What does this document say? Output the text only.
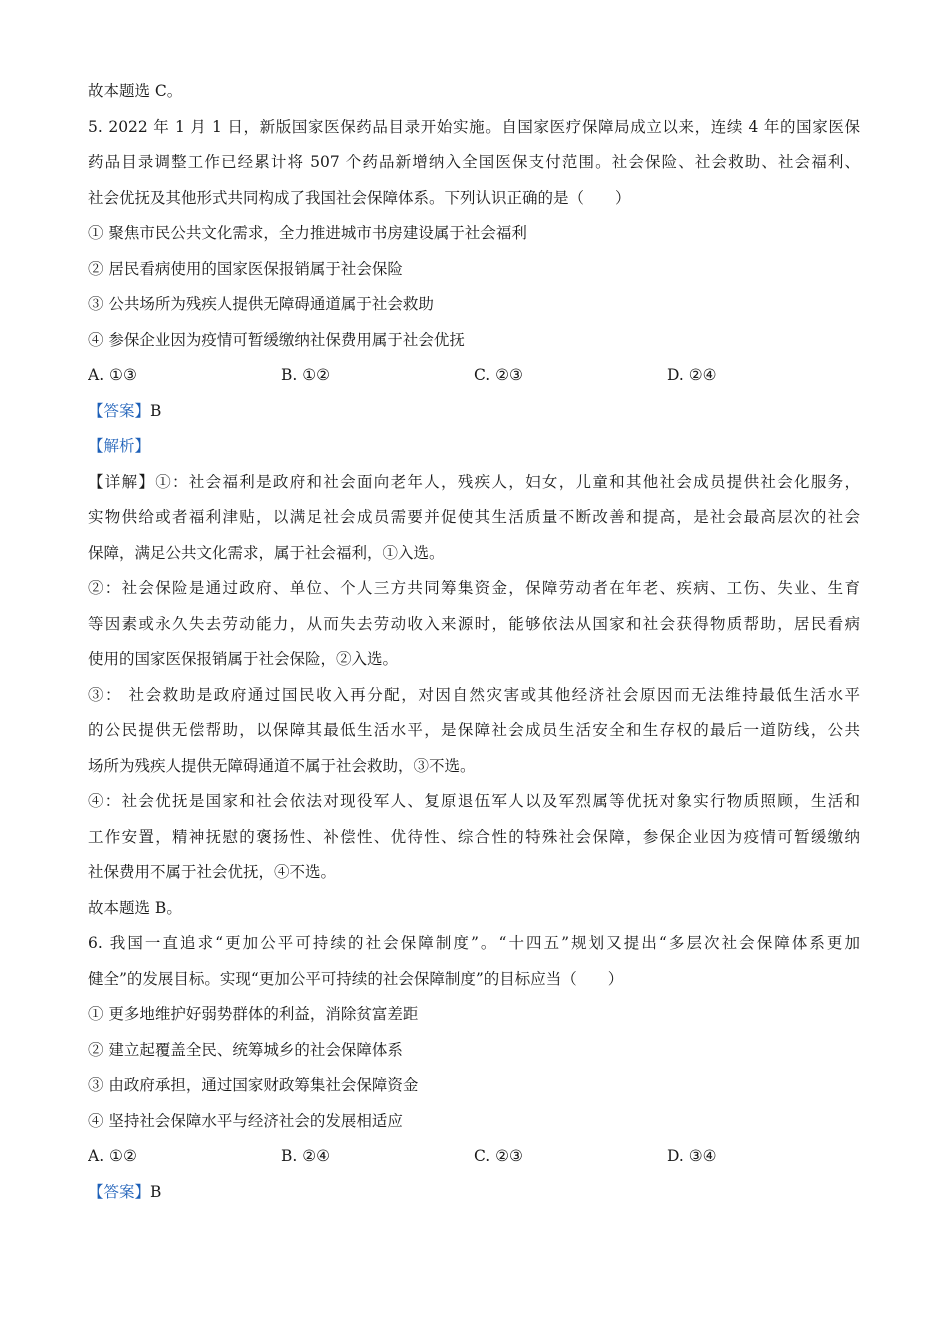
故本题选 C。
5. 2022 年 1 月 1 日，新版国家医保药品目录开始实施。自国家医疗保障局成立以来，连续 4 年的国家医保
药品目录调整工作已经累计将 507 个药品新增纳入全国医保支付范围。社会保险、社会救助、社会福利、
社会优抚及其他形式共同构成了我国社会保障体系。下列认识正确的是（　　）
① 聚焦市民公共文化需求，全力推进城市书房建设属于社会福利
② 居民看病使用的国家医保报销属于社会保险
③ 公共场所为残疾人提供无障碍通道属于社会救助
④ 参保企业因为疫情可暂缓缴纳社保费用属于社会优抚
A. ①③	B. ①②	C. ②③	D. ②④
【答案】B
【解析】
【详解】①：社会福利是政府和社会面向老年人，残疾人，妇女，儿童和其他社会成员提供社会化服务，
实物供给或者福利津贴，以满足社会成员需要并促使其生活质量不断改善和提高，是社会最高层次的社会
保障，满足公共文化需求，属于社会福利，①入选。
②：社会保险是通过政府、单位、个人三方共同筹集资金，保障劳动者在年老、疾病、工伤、失业、生育
等因素或永久失去劳动能力，从而失去劳动收入来源时，能够依法从国家和社会获得物质帮助，居民看病
使用的国家医保报销属于社会保险，②入选。
③： 社会救助是政府通过国民收入再分配，对因自然灾害或其他经济社会原因而无法维持最低生活水平
的公民提供无偿帮助，以保障其最低生活水平，是保障社会成员生活安全和生存权的最后一道防线，公共
场所为残疾人提供无障碍通道不属于社会救助，③不选。
④：社会优抚是国家和社会依法对现役军人、复原退伍军人以及军烈属等优抚对象实行物质照顾，生活和
工作安置，精神抚慰的褒扬性、补偿性、优待性、综合性的特殊社会保障，参保企业因为疫情可暂缓缴纳
社保费用不属于社会优抚，④不选。
故本题选 B。
6. 我国一直追求“更加公平可持续的社会保障制度”。“十四五”规划又提出“多层次社会保障体系更加
健全”的发展目标。实现“更加公平可持续的社会保障制度”的目标应当（　　）
① 更多地维护好弱势群体的利益，消除贫富差距
② 建立起覆盖全民、统筹城乡的社会保障体系
③ 由政府承担，通过国家财政筹集社会保障资金
④ 坚持社会保障水平与经济社会的发展相适应
A. ①②	B. ②④	C. ②③	D. ③④
【答案】B
